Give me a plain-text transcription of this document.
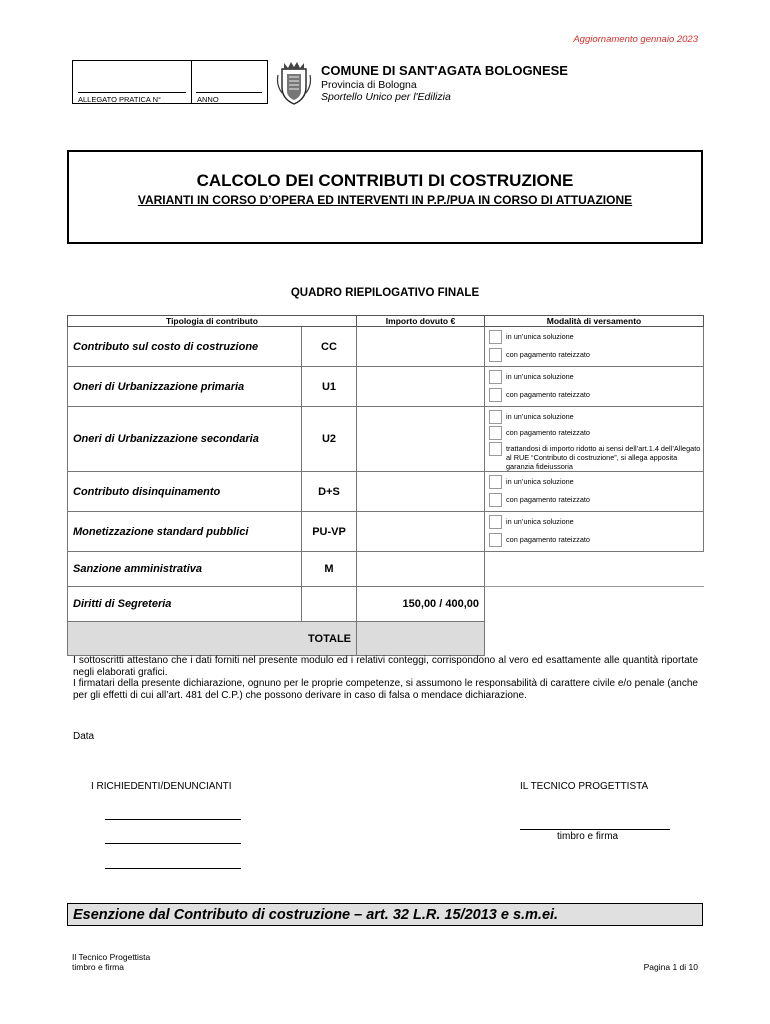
Aggiornamento gennaio 2023
ALLEGATO PRATICA N°	ANNO
COMUNE DI SANT'AGATA BOLOGNESE
Provincia di Bologna
Sportello Unico per l'Edilizia
CALCOLO DEI CONTRIBUTI DI COSTRUZIONE
VARIANTI IN CORSO D’OPERA ED INTERVENTI IN P.P./PUA IN CORSO DI ATTUAZIONE
QUADRO RIEPILOGATIVO FINALE
Tipologia di contributo		Importo dovuto €	Modalità di versamento
Contributo sul costo di costruzione	CC		in un’unica soluzione
con pagamento rateizzato

Oneri di Urbanizzazione primaria	U1		in un’unica soluzione
con pagamento rateizzato

Oneri di Urbanizzazione secondaria	U2		in un’unica soluzione
con pagamento rateizzato
trattandosi di importo ridotto ai sensi dell’art.1.4 dell’Allegato al RUE “Contributo di costruzione”, si allega apposita garanzia fideiussoria

Contributo disinquinamento	D+S		in un’unica soluzione
con pagamento rateizzato

Monetizzazione standard pubblici	PU-VP		in un’unica soluzione
con pagamento rateizzato

Sanzione amministrativa	M		
Diritti di Segreteria		150,00 / 400,00	
TOTALE			
I sottoscritti attestano che i dati forniti nel presente modulo ed i relativi conteggi, corrispondono al vero ed esattamente alle quantità riportate negli elaborati grafici.
I firmatari della presente dichiarazione, ognuno per le proprie competenze, si assumono le responsabilità di carattere civile e/o penale (anche per gli effetti di cui all’art. 481 del C.P.) che possono derivare in caso di falsa o mendace dichiarazione.
Data
I RICHIEDENTI/DENUNCIANTI	IL TECNICO PROGETTISTA
timbro e firma
Esenzione dal Contributo di costruzione – art. 32 L.R. 15/2013 e s.m.ei.
Il Tecnico Progettista
timbro e firma	Pagina 1 di 10
